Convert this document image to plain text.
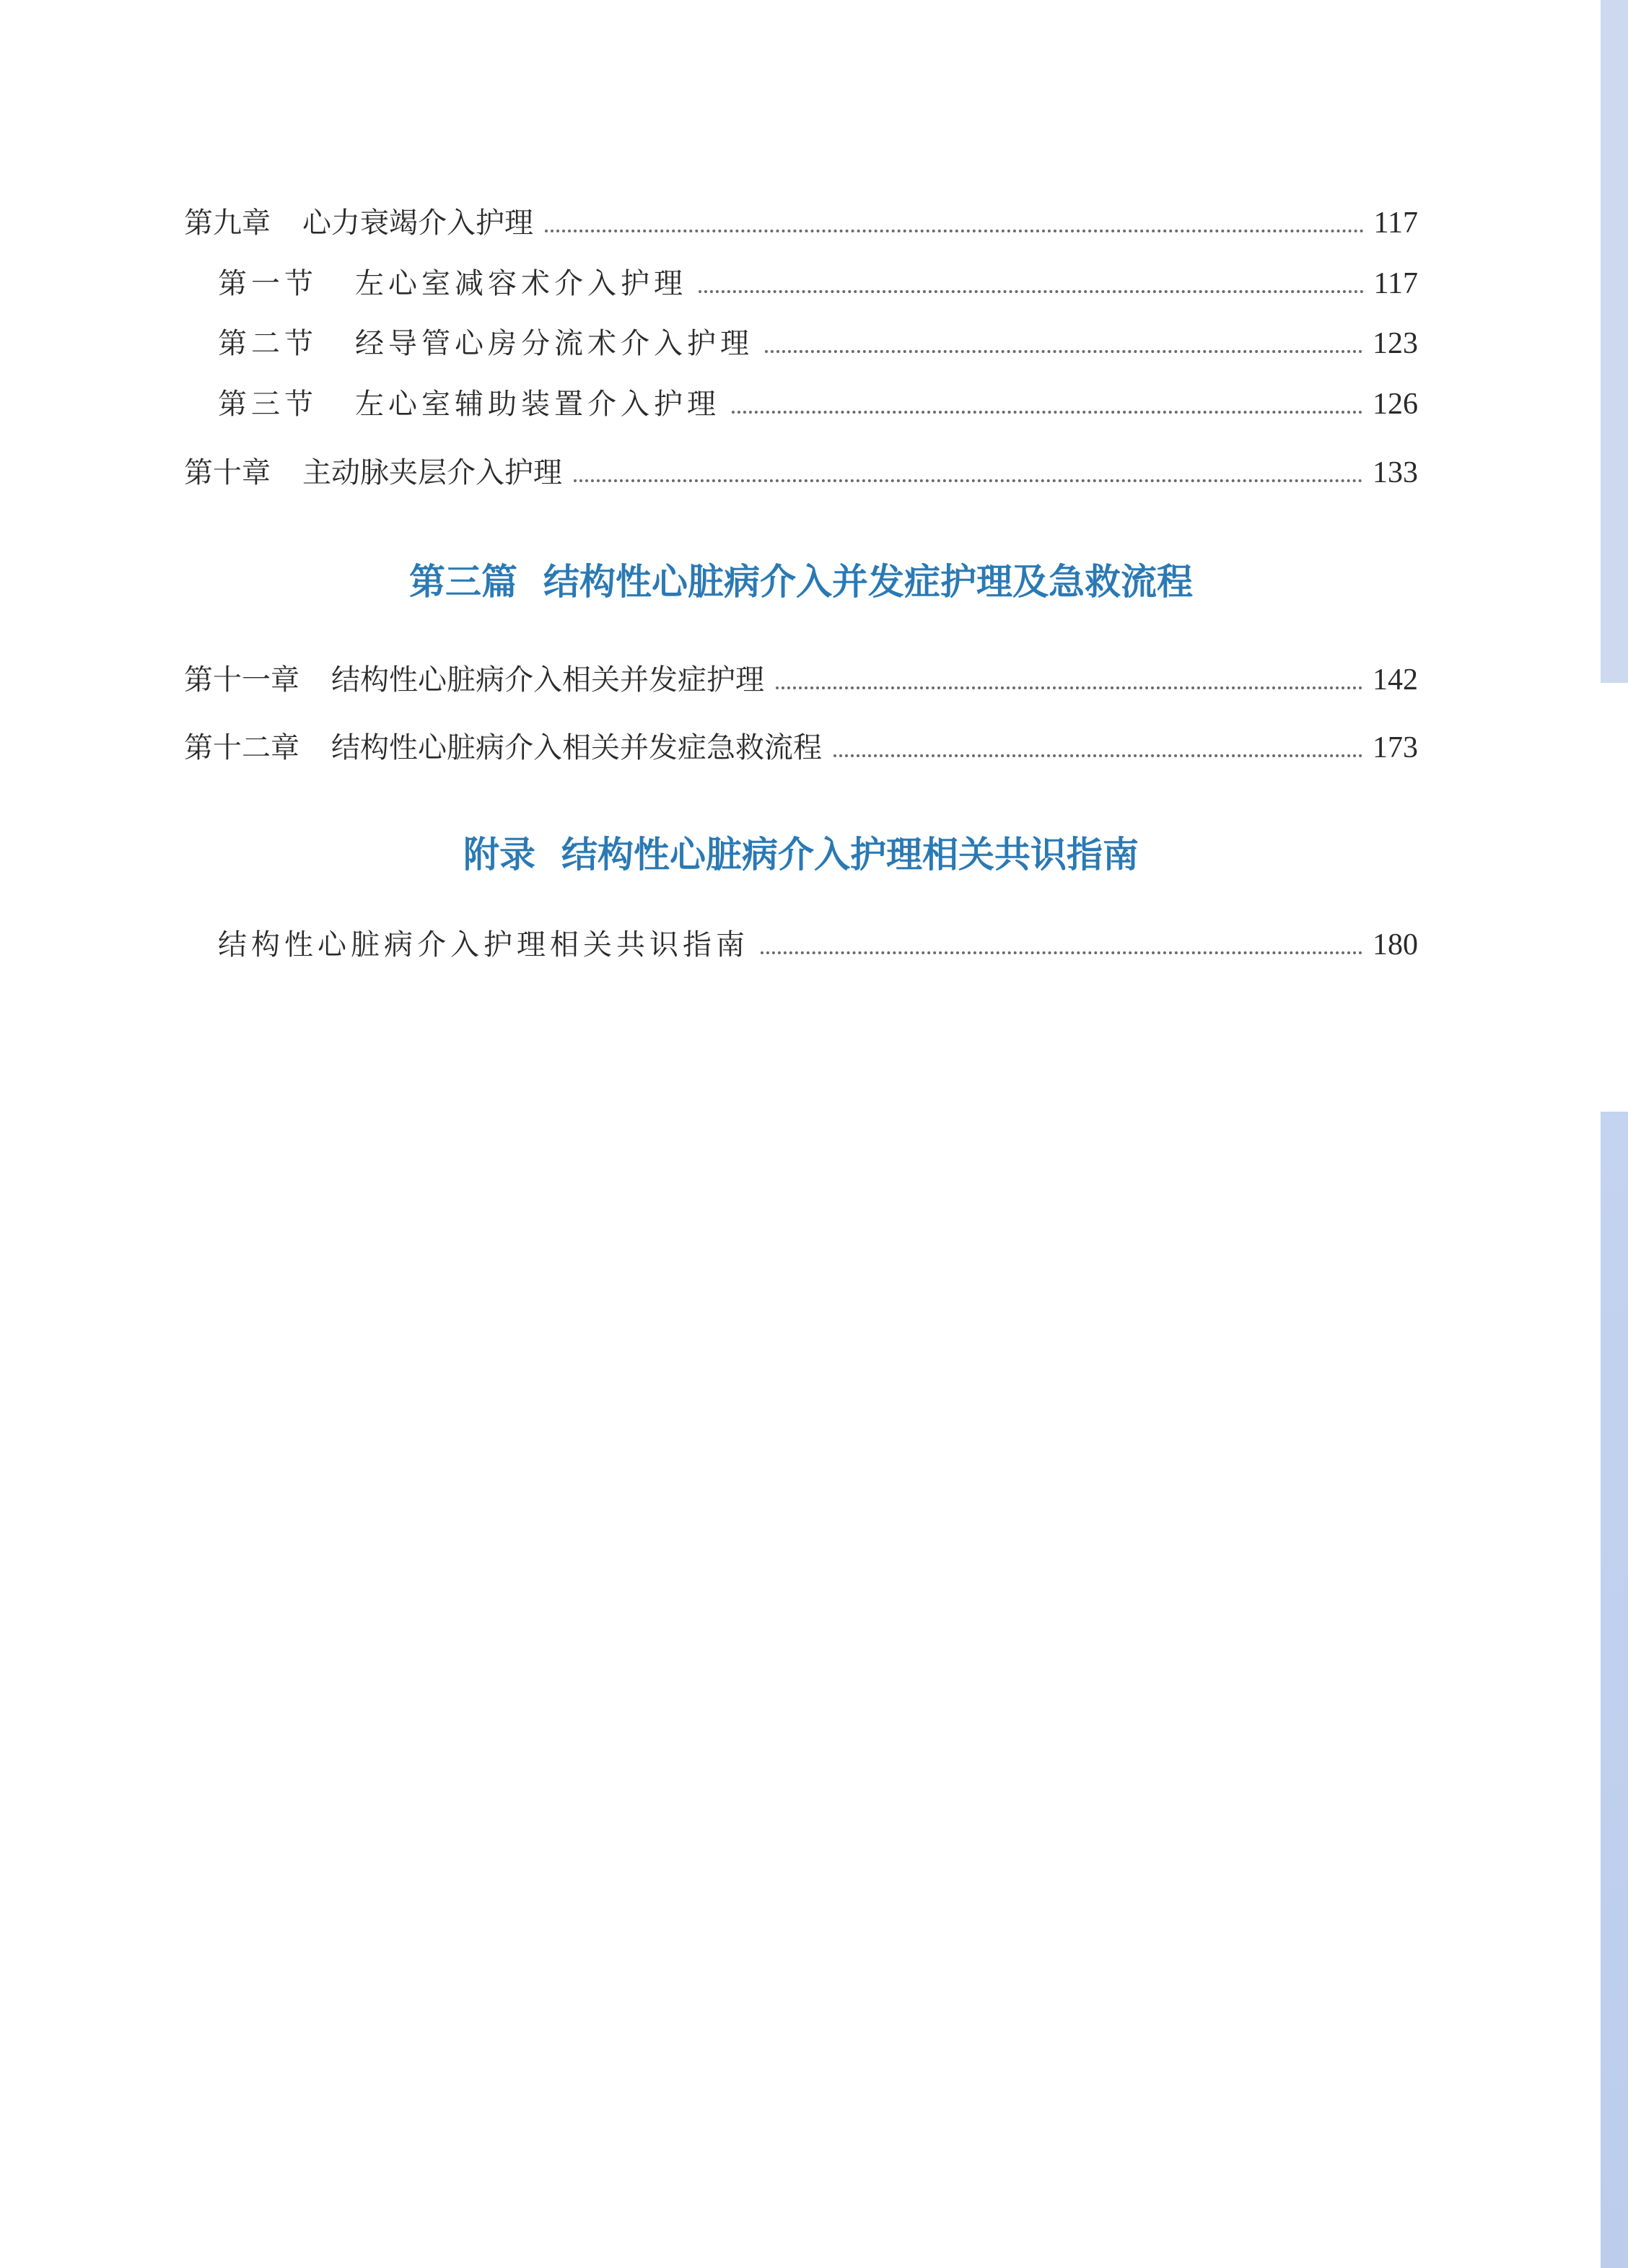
第九章 心力衰竭介入护理	117
第一节 左心室减容术介入护理	117
第二节 经导管心房分流术介入护理	123
第三节 左心室辅助装置介入护理	126
第十章 主动脉夹层介入护理	133
第三篇 结构性心脏病介入并发症护理及急救流程
第十一章 结构性心脏病介入相关并发症护理	142
第十二章 结构性心脏病介入相关并发症急救流程	173
附录 结构性心脏病介入护理相关共识指南
结构性心脏病介入护理相关共识指南	180
